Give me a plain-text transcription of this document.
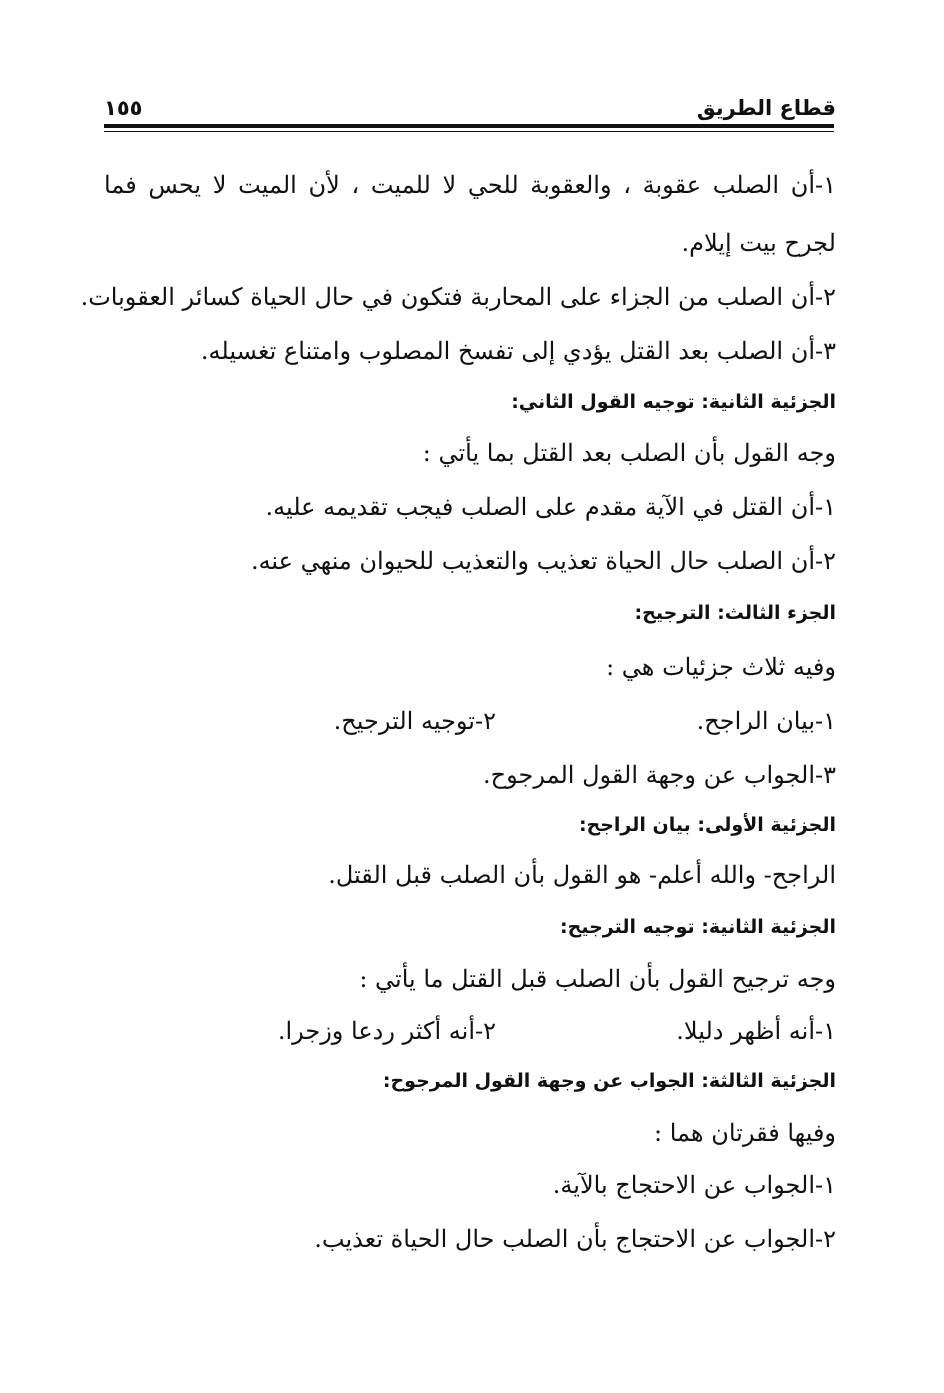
قطاع الطريق
١٥٥
١-أن الصلب عقوبة ، والعقوبة للحي لا للميت ، لأن الميت لا يحس فما
لجرح بيت إيلام.
٢-أن الصلب من الجزاء على المحاربة فتكون في حال الحياة كسائر العقوبات.
٣-أن الصلب بعد القتل يؤدي إلى تفسخ المصلوب وامتناع تغسيله.
الجزئية الثانية: توجيه القول الثاني:
وجه القول بأن الصلب بعد القتل بما يأتي :
١-أن القتل في الآية مقدم على الصلب فيجب تقديمه عليه.
٢-أن الصلب حال الحياة تعذيب والتعذيب للحيوان منهي عنه.
الجزء الثالث: الترجيح:
وفيه ثلاث جزئيات هي :
١-بيان الراجح.
٢-توجيه الترجيح.
٣-الجواب عن وجهة القول المرجوح.
الجزئية الأولى: بيان الراجح:
الراجح- والله أعلم- هو القول بأن الصلب قبل القتل.
الجزئية الثانية: توجيه الترجيح:
وجه ترجيح القول بأن الصلب قبل القتل ما يأتي :
١-أنه أظهر دليلا.
٢-أنه أكثر ردعا وزجرا.
الجزئية الثالثة: الجواب عن وجهة القول المرجوح:
وفيها فقرتان هما :
١-الجواب عن الاحتجاج بالآية.
٢-الجواب عن الاحتجاج بأن الصلب حال الحياة تعذيب.
